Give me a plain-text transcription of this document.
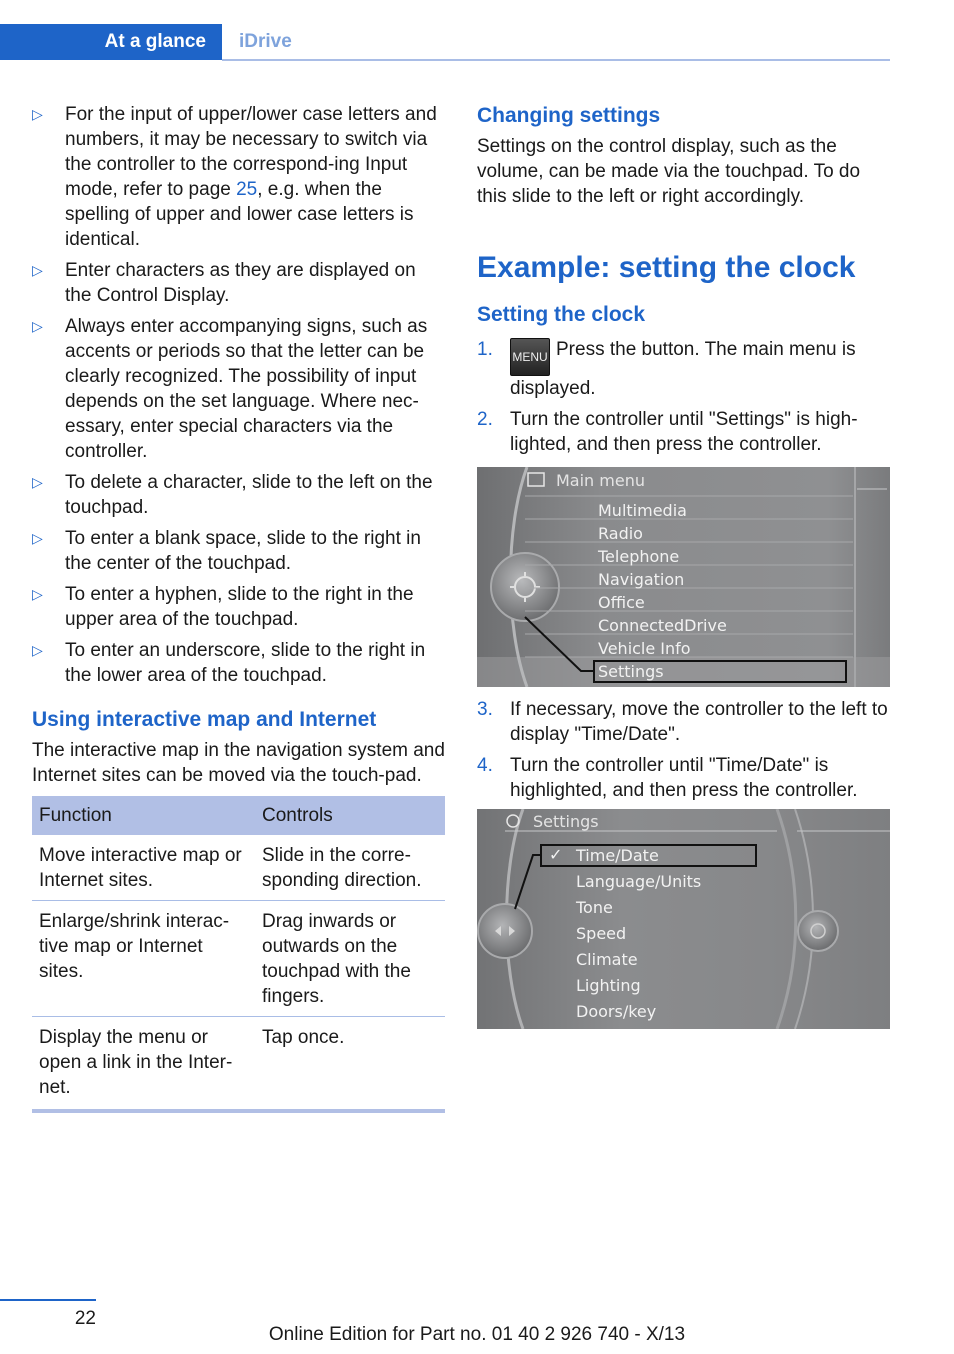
At a glance iDrive
▷ For the input of upper/lower case letters and numbers, it may be necessary to switch via the controller to the correspond-ing Input mode, refer to page 25, e.g. when the spelling of upper and lower case letters is identical.
▷ Enter characters as they are displayed on the Control Display.
▷ Always enter accompanying signs, such as accents or periods so that the letter can be clearly recognized. The possibility of input depends on the set language. Where nec-essary, enter special characters via the controller.
▷ To delete a character, slide to the left on the touchpad.
▷ To enter a blank space, slide to the right in the center of the touchpad.
▷ To enter a hyphen, slide to the right in the upper area of the touchpad.
▷ To enter an underscore, slide to the right in the lower area of the touchpad.
Using interactive map and Internet

The interactive map in the navigation system and Internet sites can be moved via the touch-pad.

Function	Controls
Move interactive map or Internet sites.	Slide in the corre-sponding direction.
Enlarge/shrink interac-tive map or Internet sites.	Drag inwards or outwards on the touchpad with the fingers.
Display the menu or open a link in the Inter-net.	Tap once.
Changing settings

Settings on the control display, such as the volume, can be made via the touchpad. To do this slide to the left or right accordingly.

Example: setting the clock
Setting the clock
1. MENU Press the button. The main menu is displayed.
2. Turn the controller until "Settings" is high-lighted, and then press the controller.
Multimedia
Radio
Telephone
Navigation
Office
ConnectedDrive
Vehicle Info
Settings
Main menu
3. If necessary, move the controller to the left to display "Time/Date".
4. Turn the controller until "Time/Date" is highlighted, and then press the controller.
Settings
Time/Date
Language/Units
Tone
Speed
Climate
Lighting
Doors/key
✓
22
Online Edition for Part no. 01 40 2 926 740 - X/13
